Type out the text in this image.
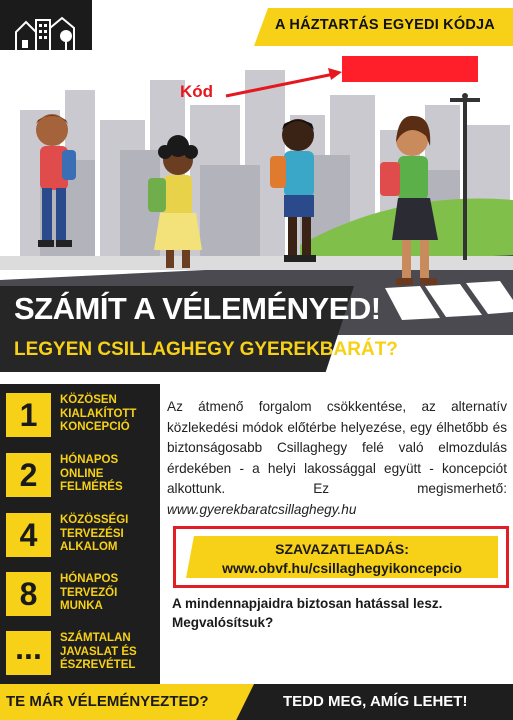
A HÁZTARTÁS EGYEDI KÓDJA
Kód
SZÁMÍT A VÉLEMÉNYED!
LEGYEN CSILLAGHEGY GYEREKBARÁT?
1	KÖZÖSEN KIALAKÍTOTT KONCEPCIÓ
2	HÓNAPOS ONLINE FELMÉRÉS
4	KÖZÖSSÉGI TERVEZÉSI ALKALOM
8	HÓNAPOS TERVEZŐI MUNKA
...	SZÁMTALAN JAVASLAT ÉS ÉSZREVÉTEL
Az átmenő forgalom csökkentése, az alternatív közlekedési módok előtérbe helyezése, egy élhetőbb és biztonságosabb Csillaghegy felé való elmozdulás érdekében - a helyi lakossággal együtt - koncepciót alkottunk. Ez megismerhető: www.gyerekbaratcsillaghegy.hu
SZAVAZATLEADÁS:
www.obvf.hu/csillaghegyikoncepcio
A mindennapjaidra biztosan hatással lesz.
Megvalósítsuk?
TE MÁR VÉLEMÉNYEZTED?	TEDD MEG, AMÍG LEHET!
